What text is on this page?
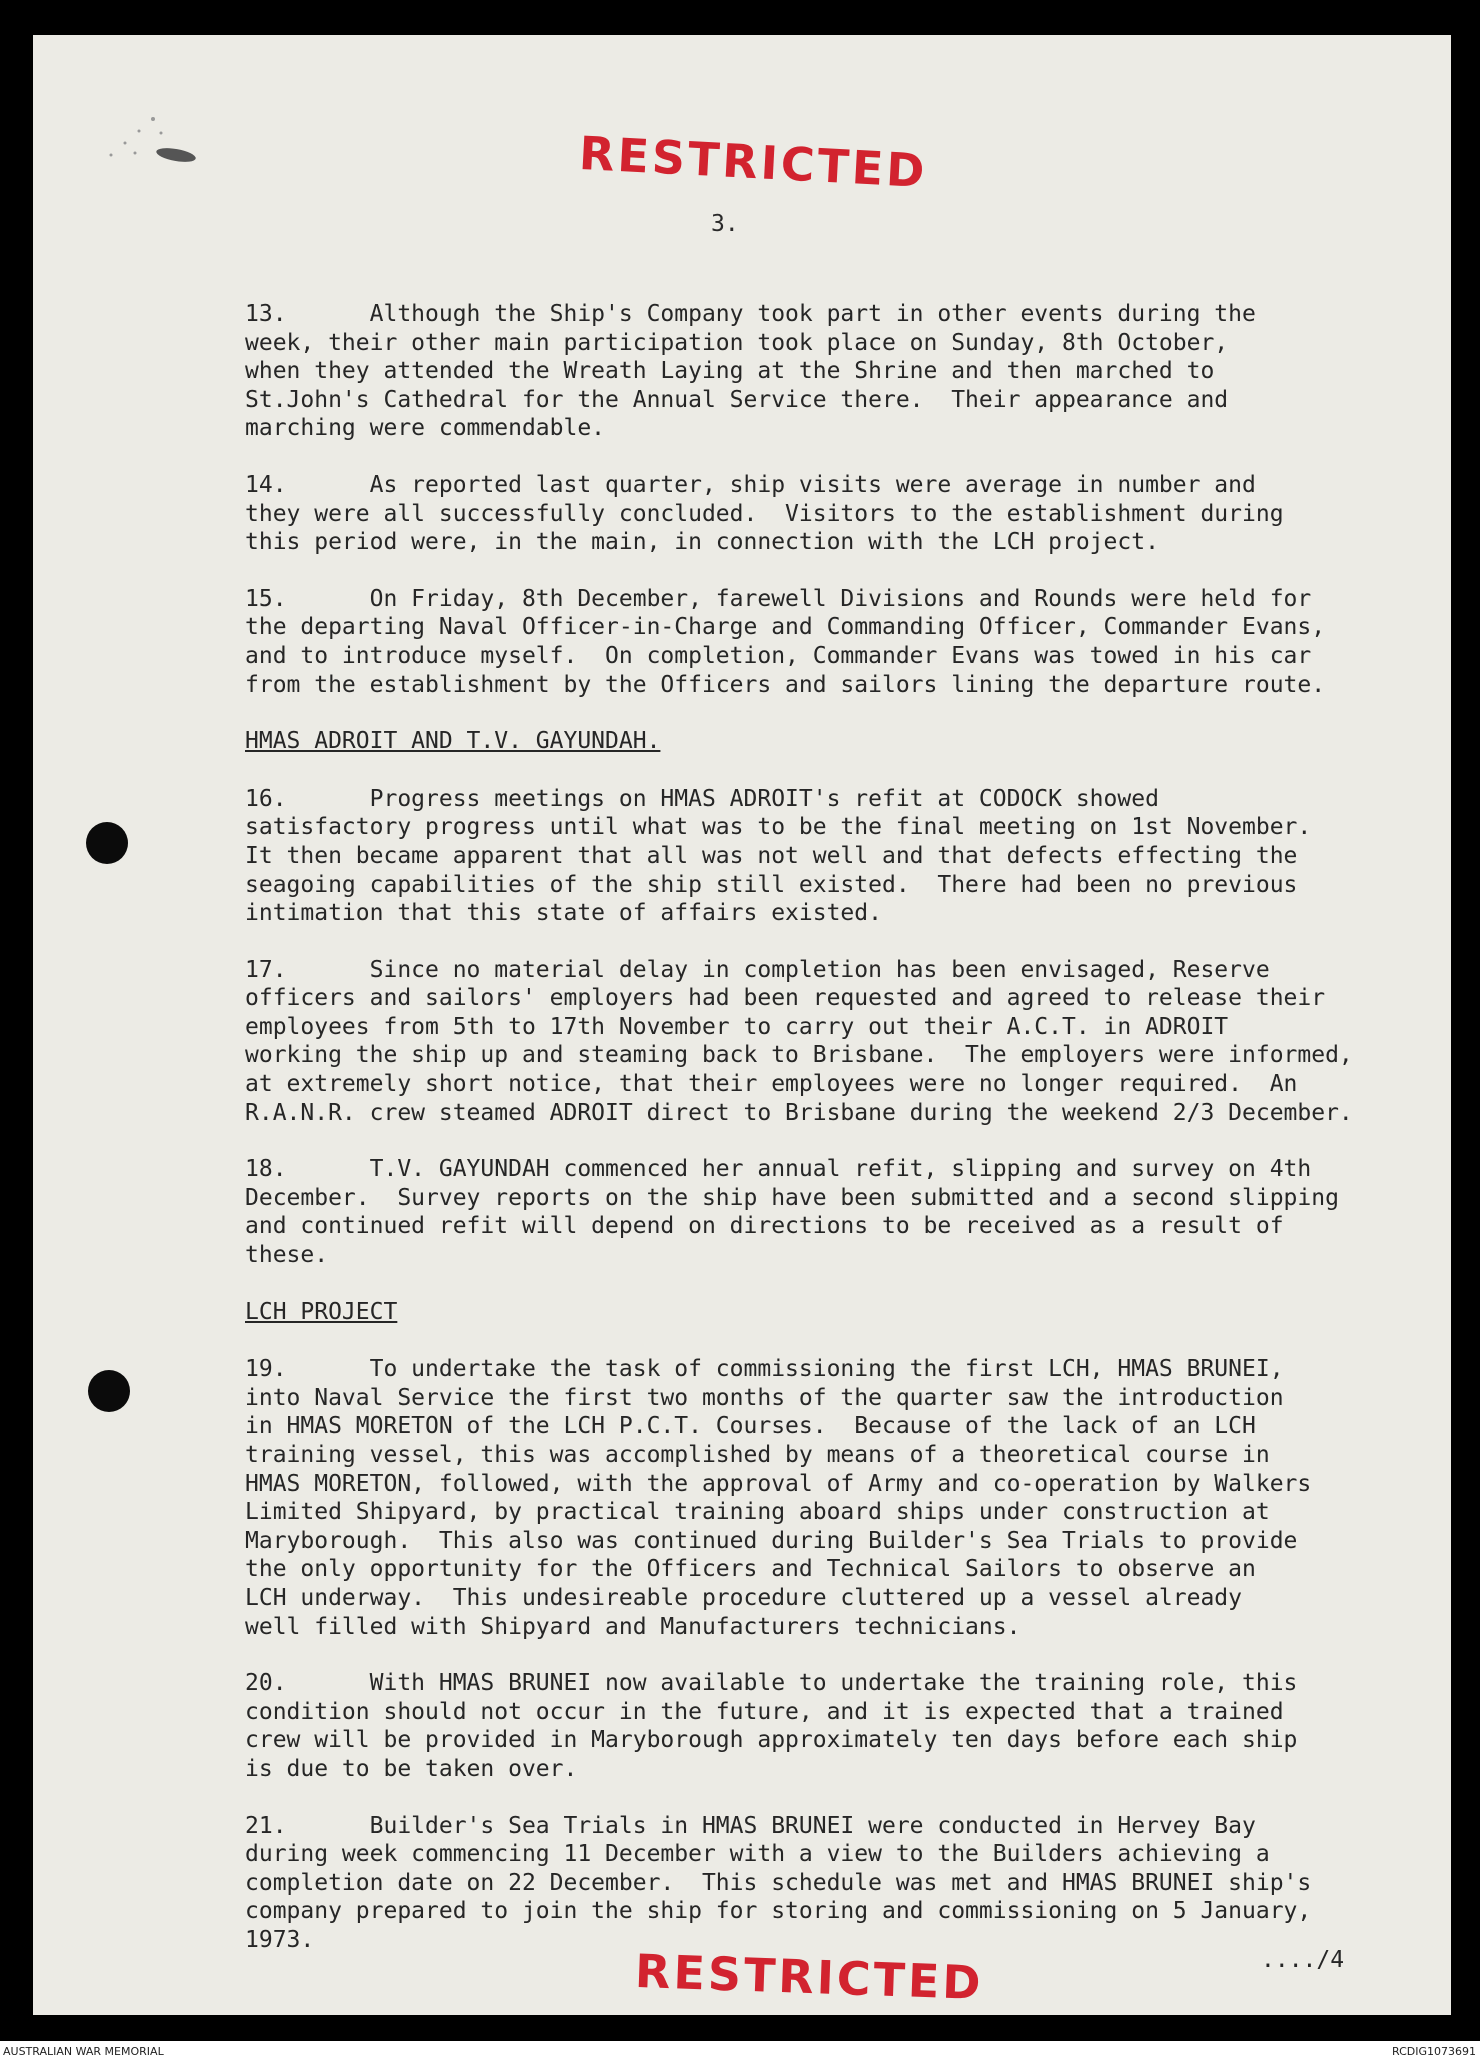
RESTRICTED
3.
13.      Although the Ship's Company took part in other events during the
week, their other main participation took place on Sunday, 8th October,
when they attended the Wreath Laying at the Shrine and then marched to
St.John's Cathedral for the Annual Service there.  Their appearance and
marching were commendable.
14.      As reported last quarter, ship visits were average in number and
they were all successfully concluded.  Visitors to the establishment during
this period were, in the main, in connection with the LCH project.
15.      On Friday, 8th December, farewell Divisions and Rounds were held for
the departing Naval Officer-in-Charge and Commanding Officer, Commander Evans,
and to introduce myself.  On completion, Commander Evans was towed in his car
from the establishment by the Officers and sailors lining the departure route.
HMAS ADROIT AND T.V. GAYUNDAH.
16.      Progress meetings on HMAS ADROIT's refit at CODOCK showed
satisfactory progress until what was to be the final meeting on 1st November.
It then became apparent that all was not well and that defects effecting the
seagoing capabilities of the ship still existed.  There had been no previous
intimation that this state of affairs existed.
17.      Since no material delay in completion has been envisaged, Reserve
officers and sailors' employers had been requested and agreed to release their
employees from 5th to 17th November to carry out their A.C.T. in ADROIT
working the ship up and steaming back to Brisbane.  The employers were informed,
at extremely short notice, that their employees were no longer required.  An
R.A.N.R. crew steamed ADROIT direct to Brisbane during the weekend 2/3 December.
18.      T.V. GAYUNDAH commenced her annual refit, slipping and survey on 4th
December.  Survey reports on the ship have been submitted and a second slipping
and continued refit will depend on directions to be received as a result of
these.
LCH PROJECT
19.      To undertake the task of commissioning the first LCH, HMAS BRUNEI,
into Naval Service the first two months of the quarter saw the introduction
in HMAS MORETON of the LCH P.C.T. Courses.  Because of the lack of an LCH
training vessel, this was accomplished by means of a theoretical course in
HMAS MORETON, followed, with the approval of Army and co-operation by Walkers
Limited Shipyard, by practical training aboard ships under construction at
Maryborough.  This also was continued during Builder's Sea Trials to provide
the only opportunity for the Officers and Technical Sailors to observe an
LCH underway.  This undesireable procedure cluttered up a vessel already
well filled with Shipyard and Manufacturers technicians.
20.      With HMAS BRUNEI now available to undertake the training role, this
condition should not occur in the future, and it is expected that a trained
crew will be provided in Maryborough approximately ten days before each ship
is due to be taken over.
21.      Builder's Sea Trials in HMAS BRUNEI were conducted in Hervey Bay
during week commencing 11 December with a view to the Builders achieving a
completion date on 22 December.  This schedule was met and HMAS BRUNEI ship's
company prepared to join the ship for storing and commissioning on 5 January,
1973.
..../4
RESTRICTED
AUSTRALIAN WAR MEMORIAL	RCDIG1073691
